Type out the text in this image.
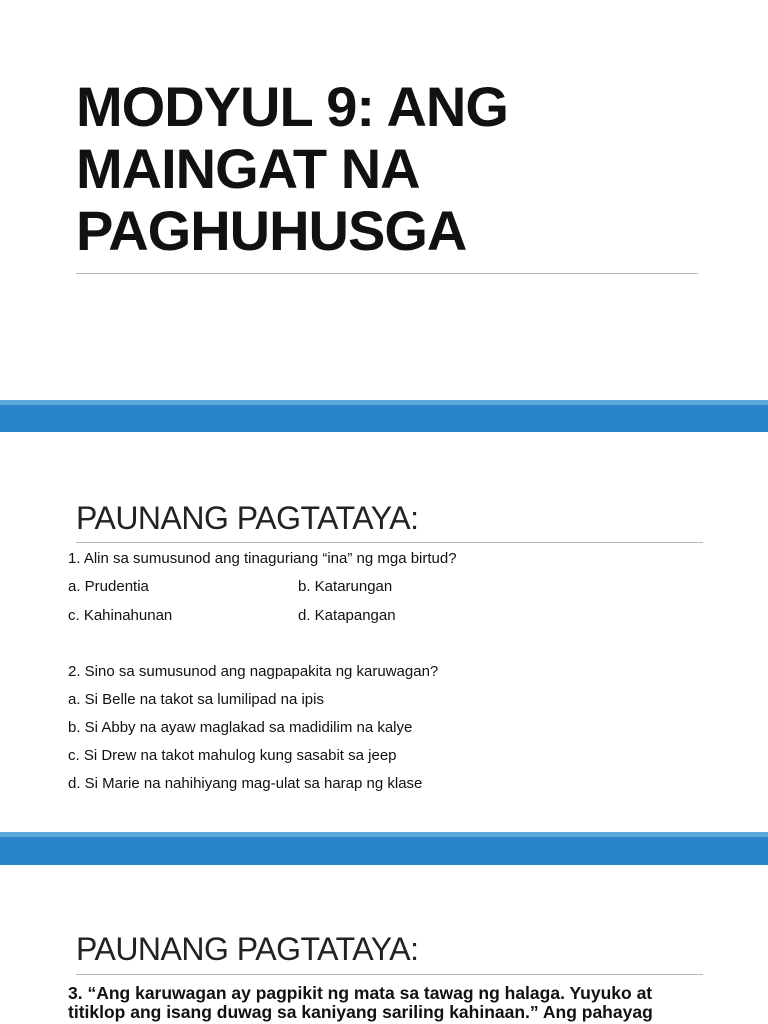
MODYUL 9: ANG MAINGAT NA PAGHUHUSGA
PAUNANG PAGTATAYA:
1. Alin sa sumusunod ang tinaguriang “ina” ng mga birtud?
a. Prudentia	b. Katarungan
c. Kahinahunan	d. Katapangan
2. Sino sa sumusunod ang nagpapakita ng karuwagan?
a. Si Belle na takot sa lumilipad na ipis
b. Si Abby na ayaw maglakad sa madidilim na kalye
c. Si Drew na takot mahulog kung sasabit sa jeep
d. Si Marie na nahihiyang mag-ulat sa harap ng klase
PAUNANG PAGTATAYA:
3. “Ang karuwagan ay pagpikit ng mata sa tawag ng halaga. Yuyuko at titiklop ang isang duwag sa kaniyang sariling kahinaan.” Ang pahayag
